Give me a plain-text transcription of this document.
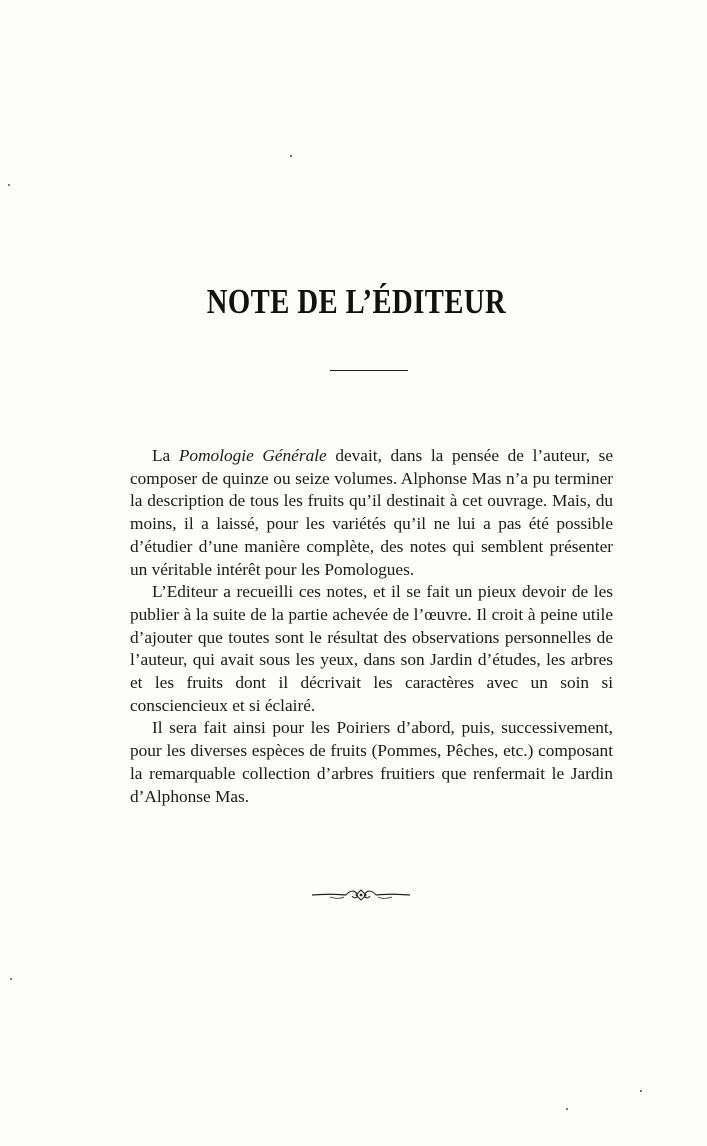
NOTE DE L’ÉDITEUR

La Pomologie Générale devait, dans la pensée de l’auteur, se composer de quinze ou seize volumes. Alphonse Mas n’a pu terminer la description de tous les fruits qu’il destinait à cet ouvrage. Mais, du moins, il a laissé, pour les variétés qu’il ne lui a pas été possible d’étudier d’une manière complète, des notes qui semblent présenter un véritable intérêt pour les Pomologues.

L’Editeur a recueilli ces notes, et il se fait un pieux devoir de les publier à la suite de la partie achevée de l’œuvre. Il croit à peine utile d’ajouter que toutes sont le résultat des observations personnelles de l’auteur, qui avait sous les yeux, dans son Jardin d’études, les arbres et les fruits dont il décrivait les caractères avec un soin si consciencieux et si éclairé.

Il sera fait ainsi pour les Poiriers d’abord, puis, successivement, pour les diverses espèces de fruits (Pommes, Pêches, etc.) composant la remarquable collection d’arbres fruitiers que renfermait le Jardin d’Alphonse Mas.
